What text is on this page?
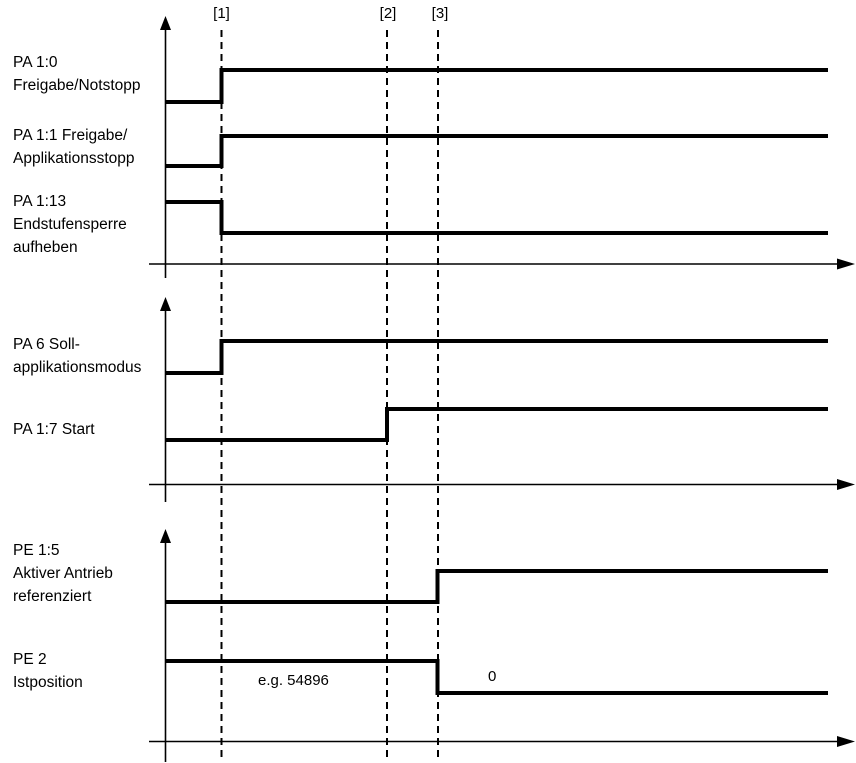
[1]	[2]	[3]
PA 1:0
Freigabe/Notstopp
PA 1:1 Freigabe/
Applikationsstopp
PA 1:13
Endstufensperre
aufheben
PA 6 Soll-
applikationsmodus
PA 1:7 Start
PE 1:5
Aktiver Antrieb
referenziert
PE 2
Istposition	e.g. 54896	0
